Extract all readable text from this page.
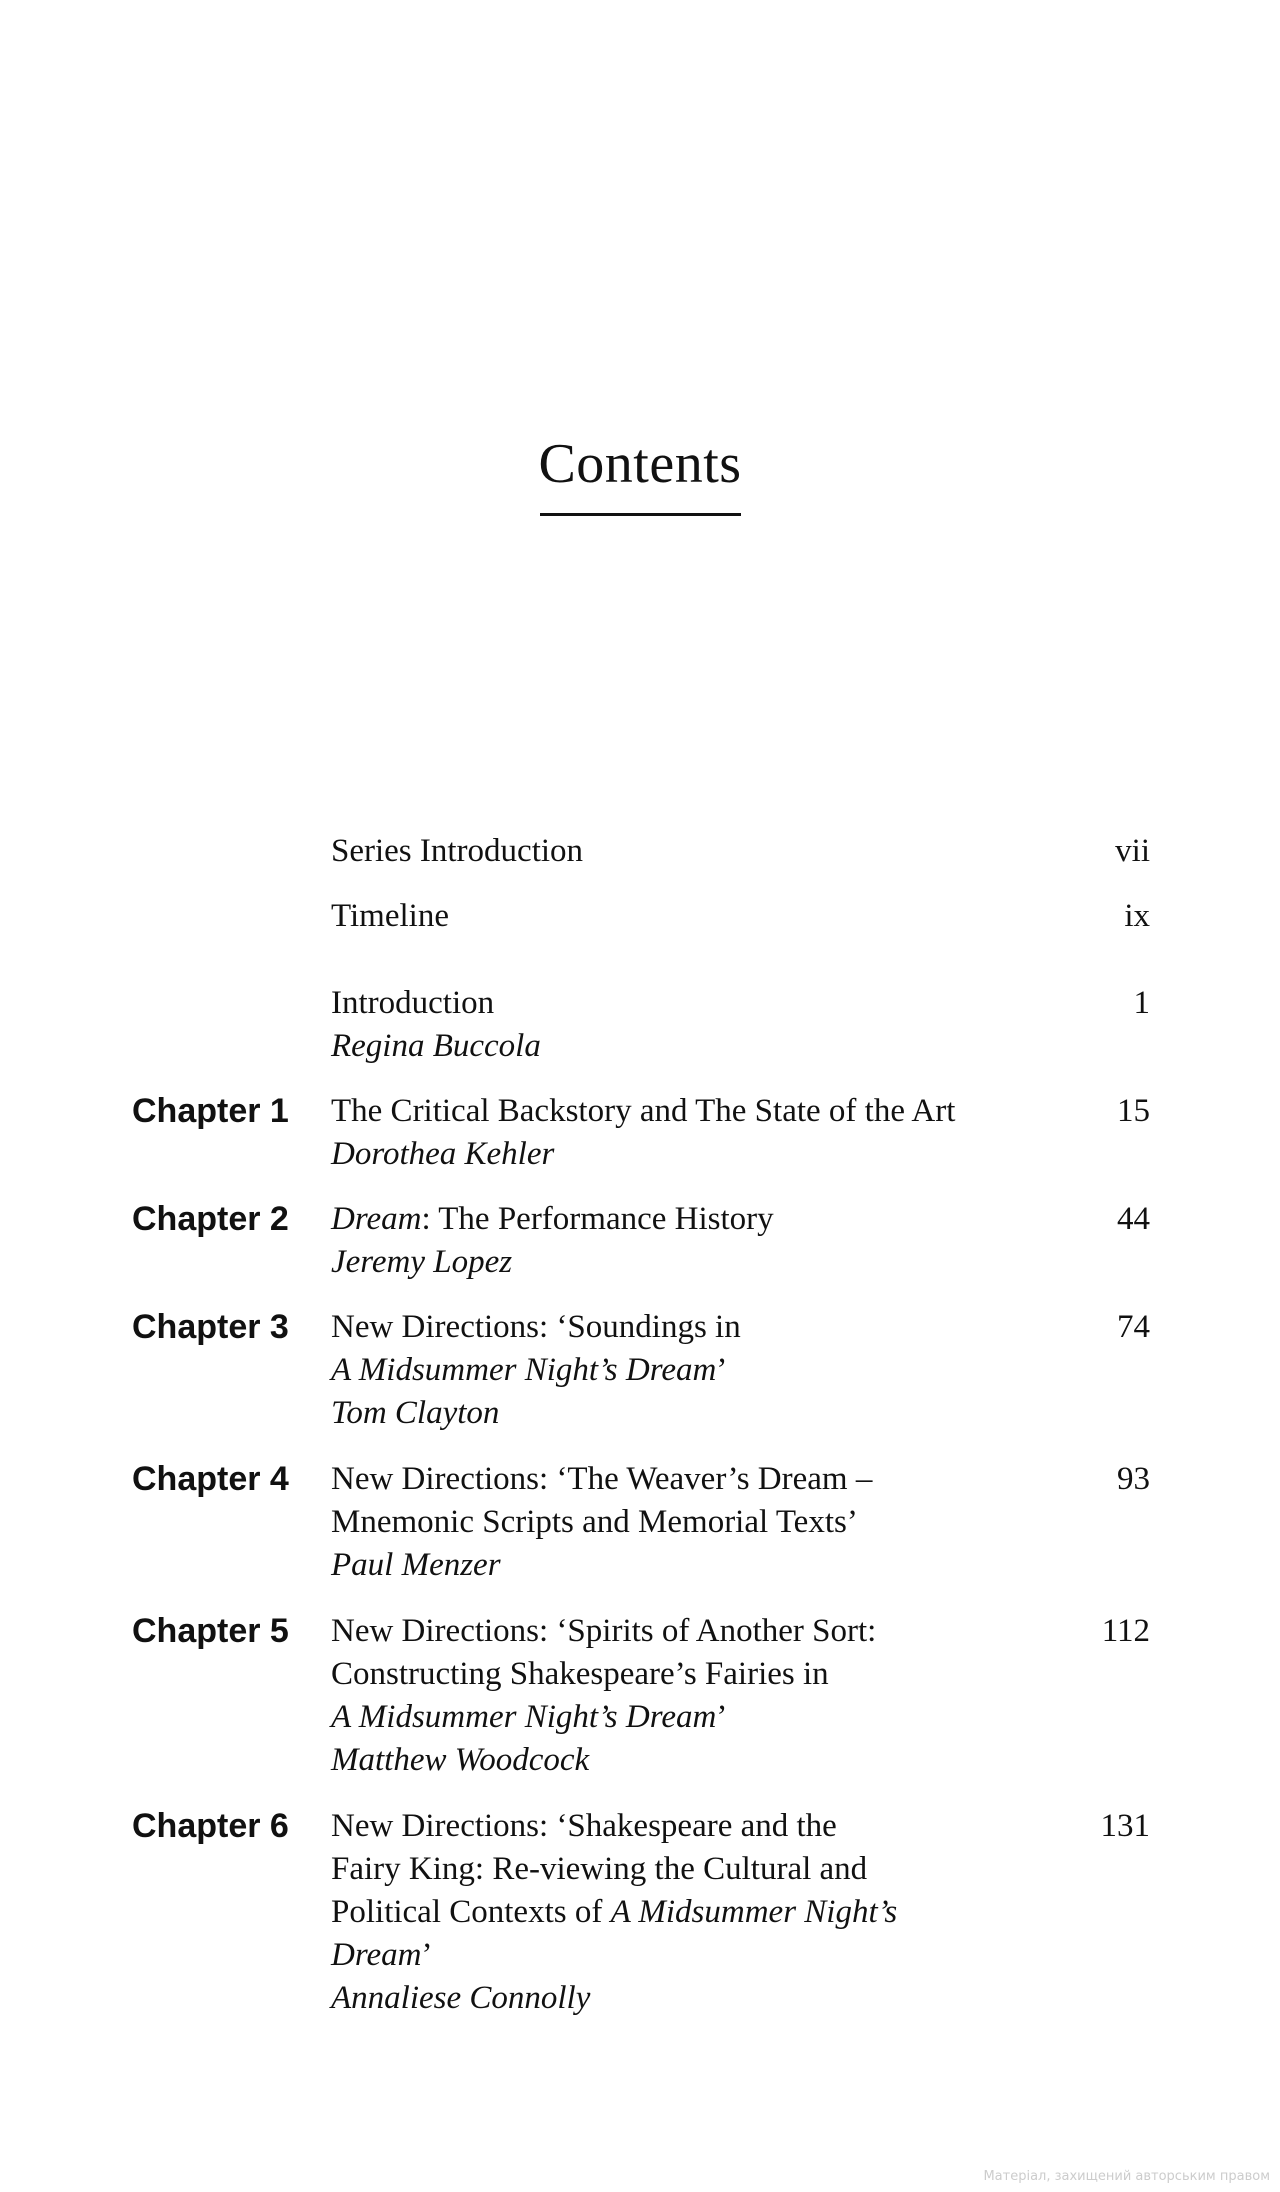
Contents
Series Introduction	vii
Timeline	ix
Introduction
Regina Buccola
1
Chapter 1 The Critical Backstory and The State of the Art
Dorothea Kehler
15
Chapter 2 Dream: The Performance History
Jeremy Lopez
44
Chapter 3 New Directions: ‘Soundings in
A Midsummer Night’s Dream’
Tom Clayton
74
Chapter 4 New Directions: ‘The Weaver’s Dream –
Mnemonic Scripts and Memorial Texts’
Paul Menzer
93
Chapter 5 New Directions: ‘Spirits of Another Sort:
Constructing Shakespeare’s Fairies in
A Midsummer Night’s Dream’
Matthew Woodcock
112
Chapter 6 New Directions: ‘Shakespeare and the
Fairy King: Re-viewing the Cultural and
Political Contexts of A Midsummer Night’s
Dream’
Annaliese Connolly
131
Матеріал, захищений авторським правом
